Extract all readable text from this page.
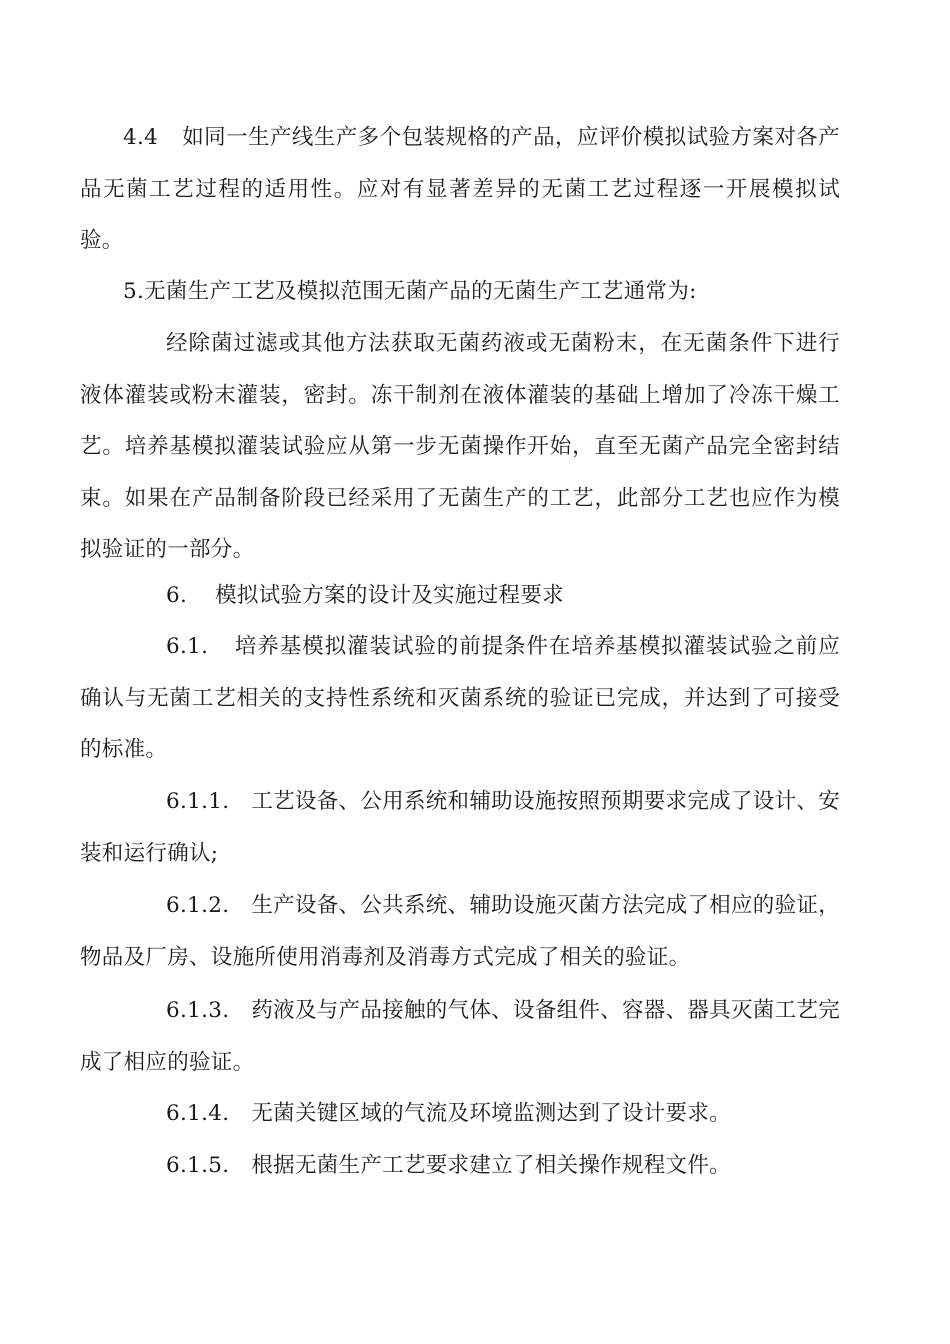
4.4 如同一生产线生产多个包装规格的产品，应评价模拟试验方案对各产品无菌工艺过程的适用性。应对有显著差异的无菌工艺过程逐一开展模拟试验。

5.无菌生产工艺及模拟范围无菌产品的无菌生产工艺通常为:

经除菌过滤或其他方法获取无菌药液或无菌粉末，在无菌条件下进行液体灌装或粉末灌装，密封。冻干制剂在液体灌装的基础上增加了冷冻干燥工艺。培养基模拟灌装试验应从第一步无菌操作开始，直至无菌产品完全密封结束。如果在产品制备阶段已经采用了无菌生产的工艺，此部分工艺也应作为模拟验证的一部分。

6. 模拟试验方案的设计及实施过程要求

6.1. 培养基模拟灌装试验的前提条件在培养基模拟灌装试验之前应确认与无菌工艺相关的支持性系统和灭菌系统的验证已完成，并达到了可接受的标准。

6.1.1. 工艺设备、公用系统和辅助设施按照预期要求完成了设计、安装和运行确认;

6.1.2. 生产设备、公共系统、辅助设施灭菌方法完成了相应的验证，物品及厂房、设施所使用消毒剂及消毒方式完成了相关的验证。

6.1.3. 药液及与产品接触的气体、设备组件、容器、器具灭菌工艺完成了相应的验证。

6.1.4. 无菌关键区域的气流及环境监测达到了设计要求。

6.1.5. 根据无菌生产工艺要求建立了相关操作规程文件。
